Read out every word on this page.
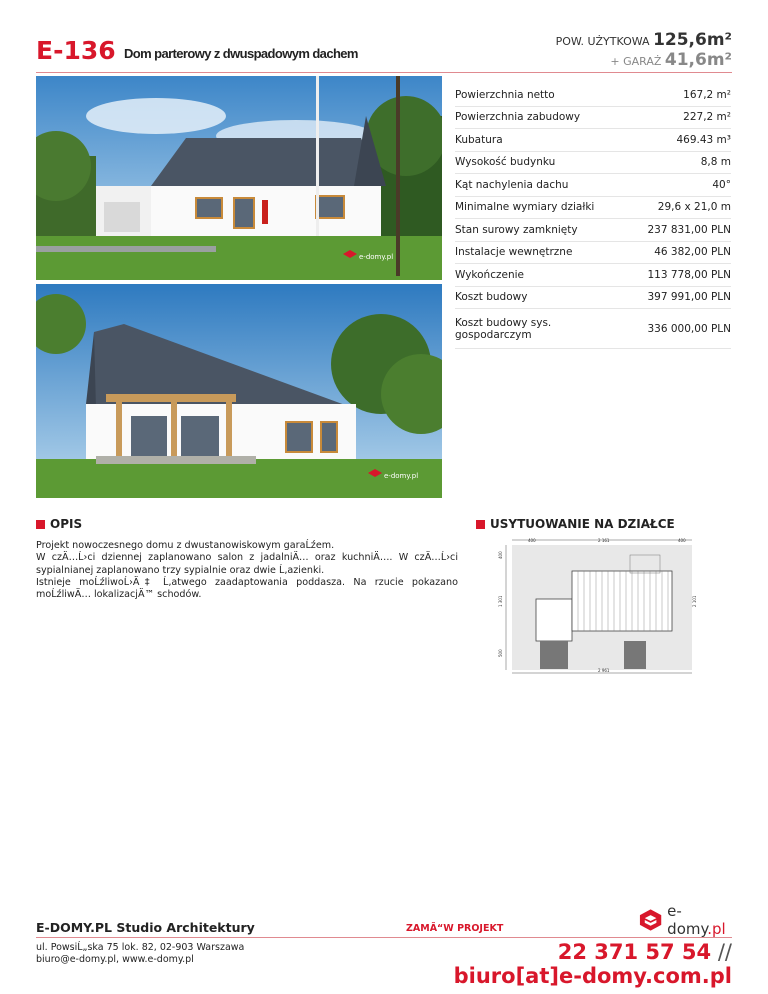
E-136 Dom parterowy z dwuspadowym dachem
POW. UŻYTKOWA 125,6m²
+ GARAŻ 41,6m²
e-domy.pl
e-domy.pl
Powierzchnia netto	167,2 m²
Powierzchnia zabudowy	227,2 m²
Kubatura	469.43 m³
Wysokość budynku	8,8 m
Kąt nachylenia dachu	40°
Minimalne wymiary działki	29,6 x 21,0 m
Stan surowy zamknięty	237 831,00 PLN
Instalacje wewnętrzne	46 382,00 PLN
Wykończenie	113 778,00 PLN
Koszt budowy	397 991,00 PLN
Koszt budowy sys. gospodarczym	336 000,00 PLN
OPIS	USYTUOWANIE NA DZIAŁCE
Projekt nowoczesnego domu z dwustanowiskowym garaĹźem.
W czÄ…Ĺ›ci dziennej zaplanowano salon z jadalniÄ… oraz kuchniÄ…. W czÄ…Ĺ›ci sypialnianej zaplanowano trzy sypialnie oraz dwie Ĺ‚azienki.
Istnieje moĹźliwoĹ›Ä‡ Ĺ‚atwego zaadaptowania poddasza. Na rzucie pokazano moĹźliwÄ… lokalizacjÄ™ schodów.
400	2 161	400
400
1 301
500
2 101
2 961
E-DOMY.PL Studio Architektury	ZAMÃ“W PROJEKT
ul. PowsiĹ„ska 75 lok. 82, 02-903 Warszawa
biuro@e-domy.pl, www.e-domy.pl
e-domy.pl
22 371 57 54 //
biuro[at]e-domy.com.pl
